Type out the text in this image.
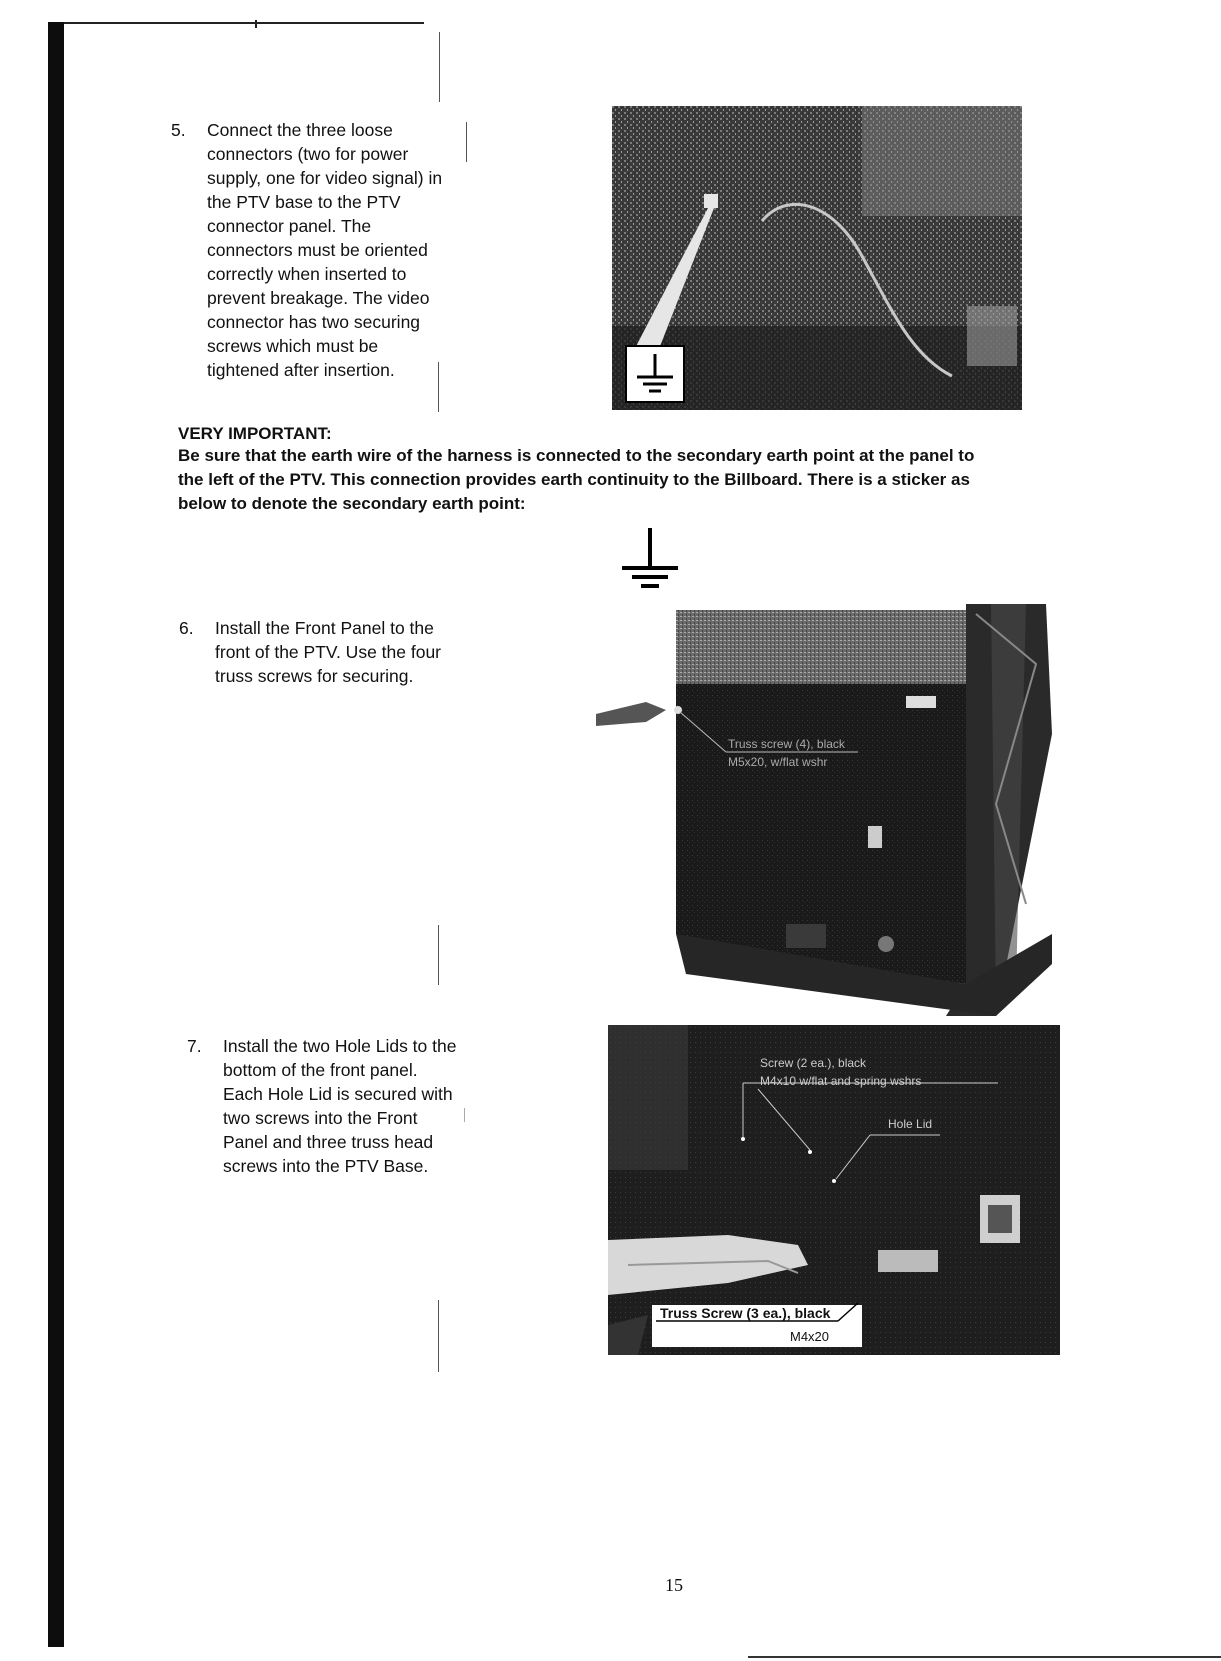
5. Connect the three loose
connectors (two for power
supply, one for video signal) in
the PTV base to the PTV
connector panel. The
connectors must be oriented
correctly when inserted to
prevent breakage. The video
connector has two securing
screws which must be
tightened after insertion.
VERY IMPORTANT:
Be sure that the earth wire of the harness is connected to the secondary earth point at the panel to
the left of the PTV. This connection provides earth continuity to the Billboard. There is a sticker as
below to denote the secondary earth point:
6. Install the Front Panel to the
front of the PTV. Use the four
truss screws for securing.
Truss screw (4), black
M5x20, w/flat wshr
7. Install the two Hole Lids to the
bottom of the front panel.
Each Hole Lid is secured with
two screws into the Front
Panel and three truss head
screws into the PTV Base.
Screw (2 ea.), black
M4x10 w/flat and spring wshrs
Hole Lid
Truss Screw (3 ea.), black
M4x20
15
